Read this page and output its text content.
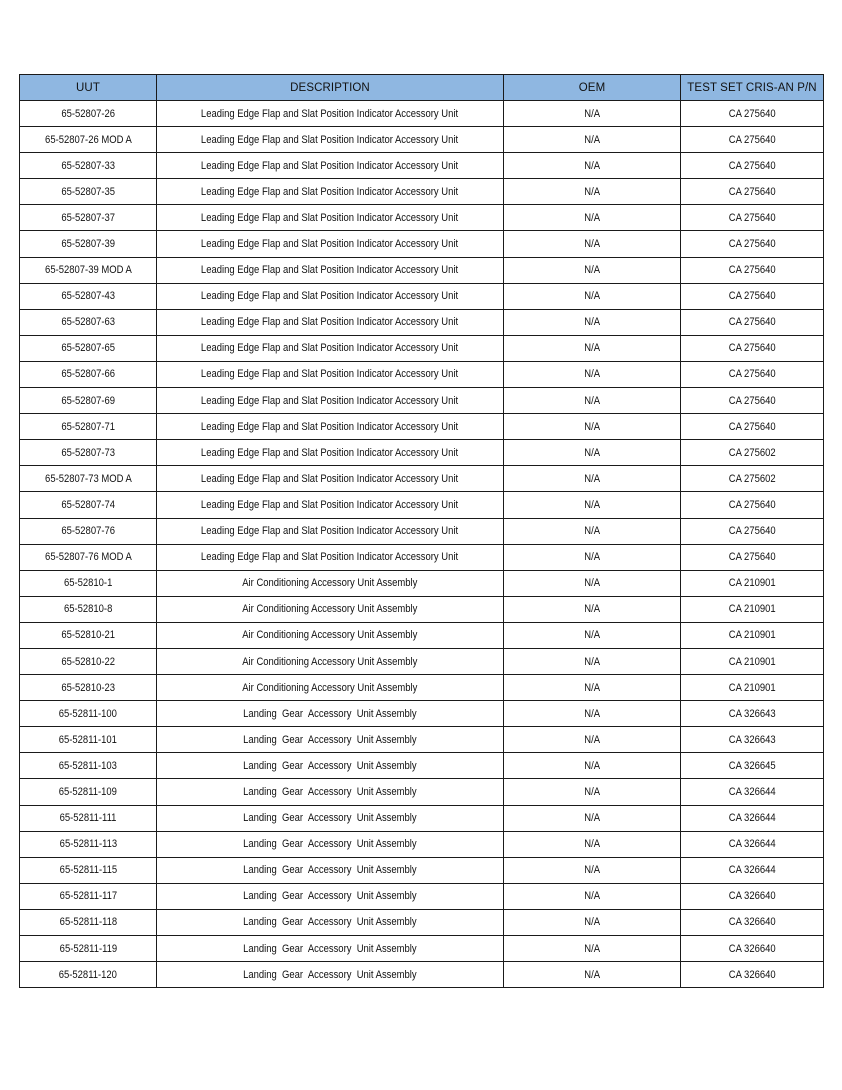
UUT	DESCRIPTION	OEM	TEST SET CRIS-AN P/N
65-52807-26	Leading Edge Flap and Slat Position Indicator Accessory Unit	N/A	CA 275640
65-52807-26 MOD A	Leading Edge Flap and Slat Position Indicator Accessory Unit	N/A	CA 275640
65-52807-33	Leading Edge Flap and Slat Position Indicator Accessory Unit	N/A	CA 275640
65-52807-35	Leading Edge Flap and Slat Position Indicator Accessory Unit	N/A	CA 275640
65-52807-37	Leading Edge Flap and Slat Position Indicator Accessory Unit	N/A	CA 275640
65-52807-39	Leading Edge Flap and Slat Position Indicator Accessory Unit	N/A	CA 275640
65-52807-39 MOD A	Leading Edge Flap and Slat Position Indicator Accessory Unit	N/A	CA 275640
65-52807-43	Leading Edge Flap and Slat Position Indicator Accessory Unit	N/A	CA 275640
65-52807-63	Leading Edge Flap and Slat Position Indicator Accessory Unit	N/A	CA 275640
65-52807-65	Leading Edge Flap and Slat Position Indicator Accessory Unit	N/A	CA 275640
65-52807-66	Leading Edge Flap and Slat Position Indicator Accessory Unit	N/A	CA 275640
65-52807-69	Leading Edge Flap and Slat Position Indicator Accessory Unit	N/A	CA 275640
65-52807-71	Leading Edge Flap and Slat Position Indicator Accessory Unit	N/A	CA 275640
65-52807-73	Leading Edge Flap and Slat Position Indicator Accessory Unit	N/A	CA 275602
65-52807-73 MOD A	Leading Edge Flap and Slat Position Indicator Accessory Unit	N/A	CA 275602
65-52807-74	Leading Edge Flap and Slat Position Indicator Accessory Unit	N/A	CA 275640
65-52807-76	Leading Edge Flap and Slat Position Indicator Accessory Unit	N/A	CA 275640
65-52807-76 MOD A	Leading Edge Flap and Slat Position Indicator Accessory Unit	N/A	CA 275640
65-52810-1	Air Conditioning Accessory Unit Assembly	N/A	CA 210901
65-52810-8	Air Conditioning Accessory Unit Assembly	N/A	CA 210901
65-52810-21	Air Conditioning Accessory Unit Assembly	N/A	CA 210901
65-52810-22	Air Conditioning Accessory Unit Assembly	N/A	CA 210901
65-52810-23	Air Conditioning Accessory Unit Assembly	N/A	CA 210901
65-52811-100	Landing  Gear  Accessory  Unit Assembly	N/A	CA 326643
65-52811-101	Landing  Gear  Accessory  Unit Assembly	N/A	CA 326643
65-52811-103	Landing  Gear  Accessory  Unit Assembly	N/A	CA 326645
65-52811-109	Landing  Gear  Accessory  Unit Assembly	N/A	CA 326644
65-52811-111	Landing  Gear  Accessory  Unit Assembly	N/A	CA 326644
65-52811-113	Landing  Gear  Accessory  Unit Assembly	N/A	CA 326644
65-52811-115	Landing  Gear  Accessory  Unit Assembly	N/A	CA 326644
65-52811-117	Landing  Gear  Accessory  Unit Assembly	N/A	CA 326640
65-52811-118	Landing  Gear  Accessory  Unit Assembly	N/A	CA 326640
65-52811-119	Landing  Gear  Accessory  Unit Assembly	N/A	CA 326640
65-52811-120	Landing  Gear  Accessory  Unit Assembly	N/A	CA 326640
